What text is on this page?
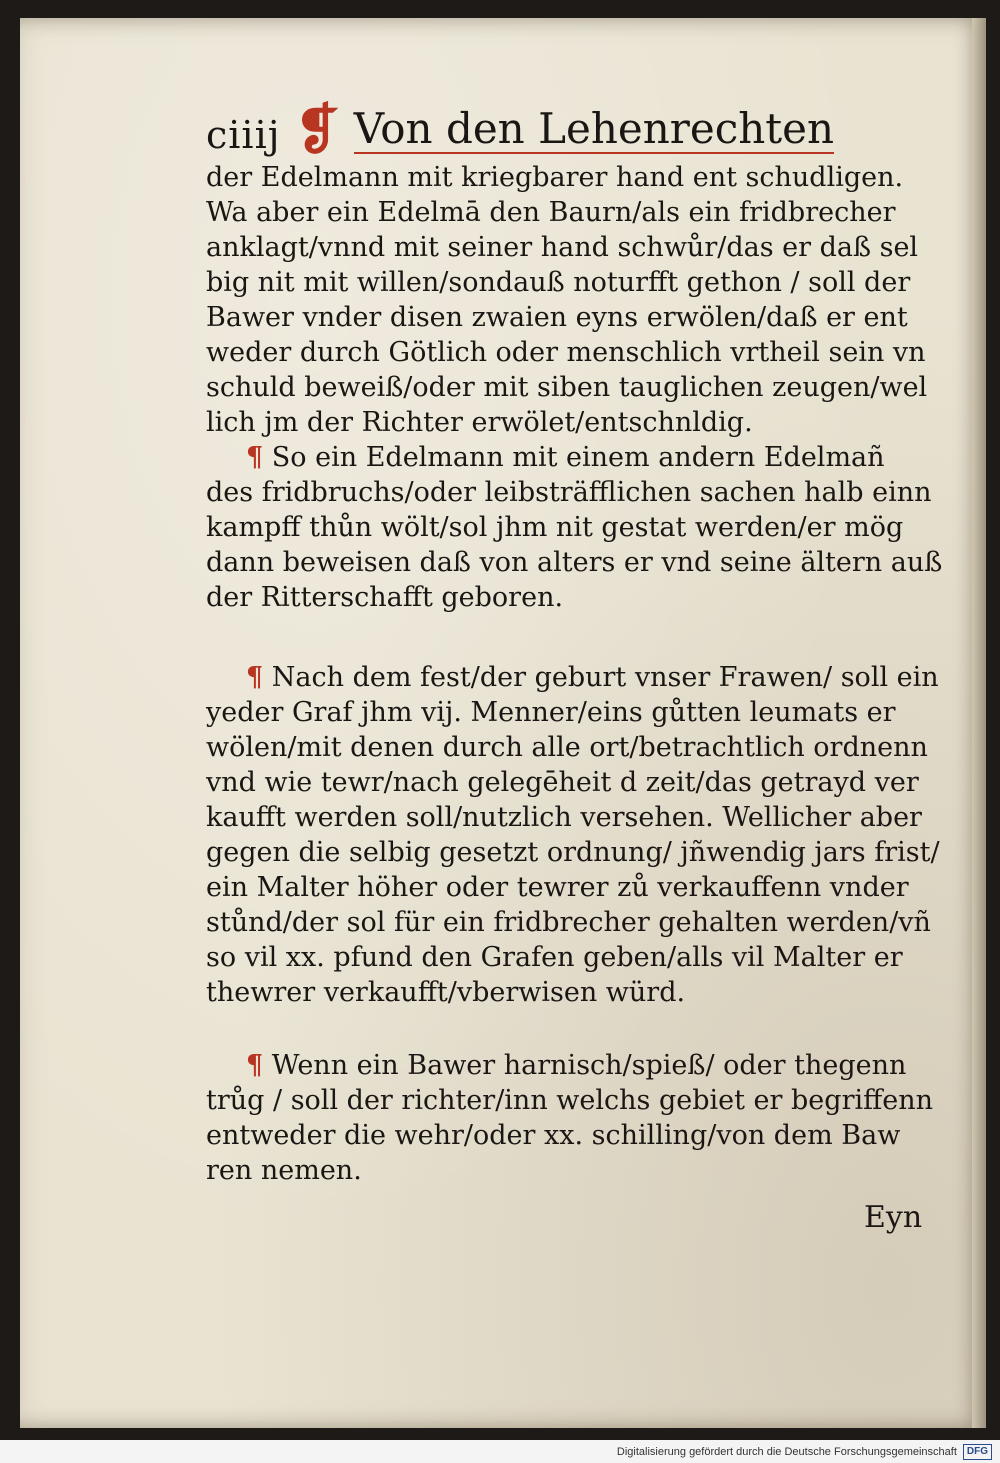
ciiij ❡ Von den Lehenrechten
der Edelmann mit kriegbarer hand ent schudligen.
Wa aber ein Edelmā den Baurn/als ein fridbrecher
anklagt/vnnd mit seiner hand schwůr/das er daß sel
big nit mit willen/sondauß noturfft gethon / soll der
Bawer vnder disen zwaien eyns erwölen/daß er ent
weder durch Götlich oder menschlich vrtheil sein vn
schuld beweiß/oder mit siben tauglichen zeugen/wel
lich jm der Richter erwölet/entschnldig.
¶ So ein Edelmann mit einem andern Edelmañ
des fridbruchs/oder leibsträfflichen sachen halb einn
kampff thůn wölt/sol jhm nit gestat werden/er mög
dann beweisen daß von alters er vnd seine ältern auß
der Ritterschafft geboren.
¶ Nach dem fest/der geburt vnser Frawen/ soll ein
yeder Graf jhm vij. Menner/eins gůtten leumats er
wölen/mit denen durch alle ort/betrachtlich ordnenn
vnd wie tewr/nach gelegēheit d zeit/das getrayd ver
kaufft werden soll/nutzlich versehen. Wellicher aber
gegen die selbig gesetzt ordnung/ jñwendig jars frist/
ein Malter höher oder tewrer zů verkauffenn vnder
stůnd/der sol für ein fridbrecher gehalten werden/vñ
so vil xx. pfund den Grafen geben/alls vil Malter er
thewrer verkaufft/vberwisen würd.
¶ Wenn ein Bawer harnisch/spieß/ oder thegenn
trůg / soll der richter/inn welchs gebiet er begriffenn
entweder die wehr/oder xx. schilling/von dem Baw
ren nemen.
Eyn
Digitalisierung gefördert durch die Deutsche Forschungsgemeinschaft	DFG
